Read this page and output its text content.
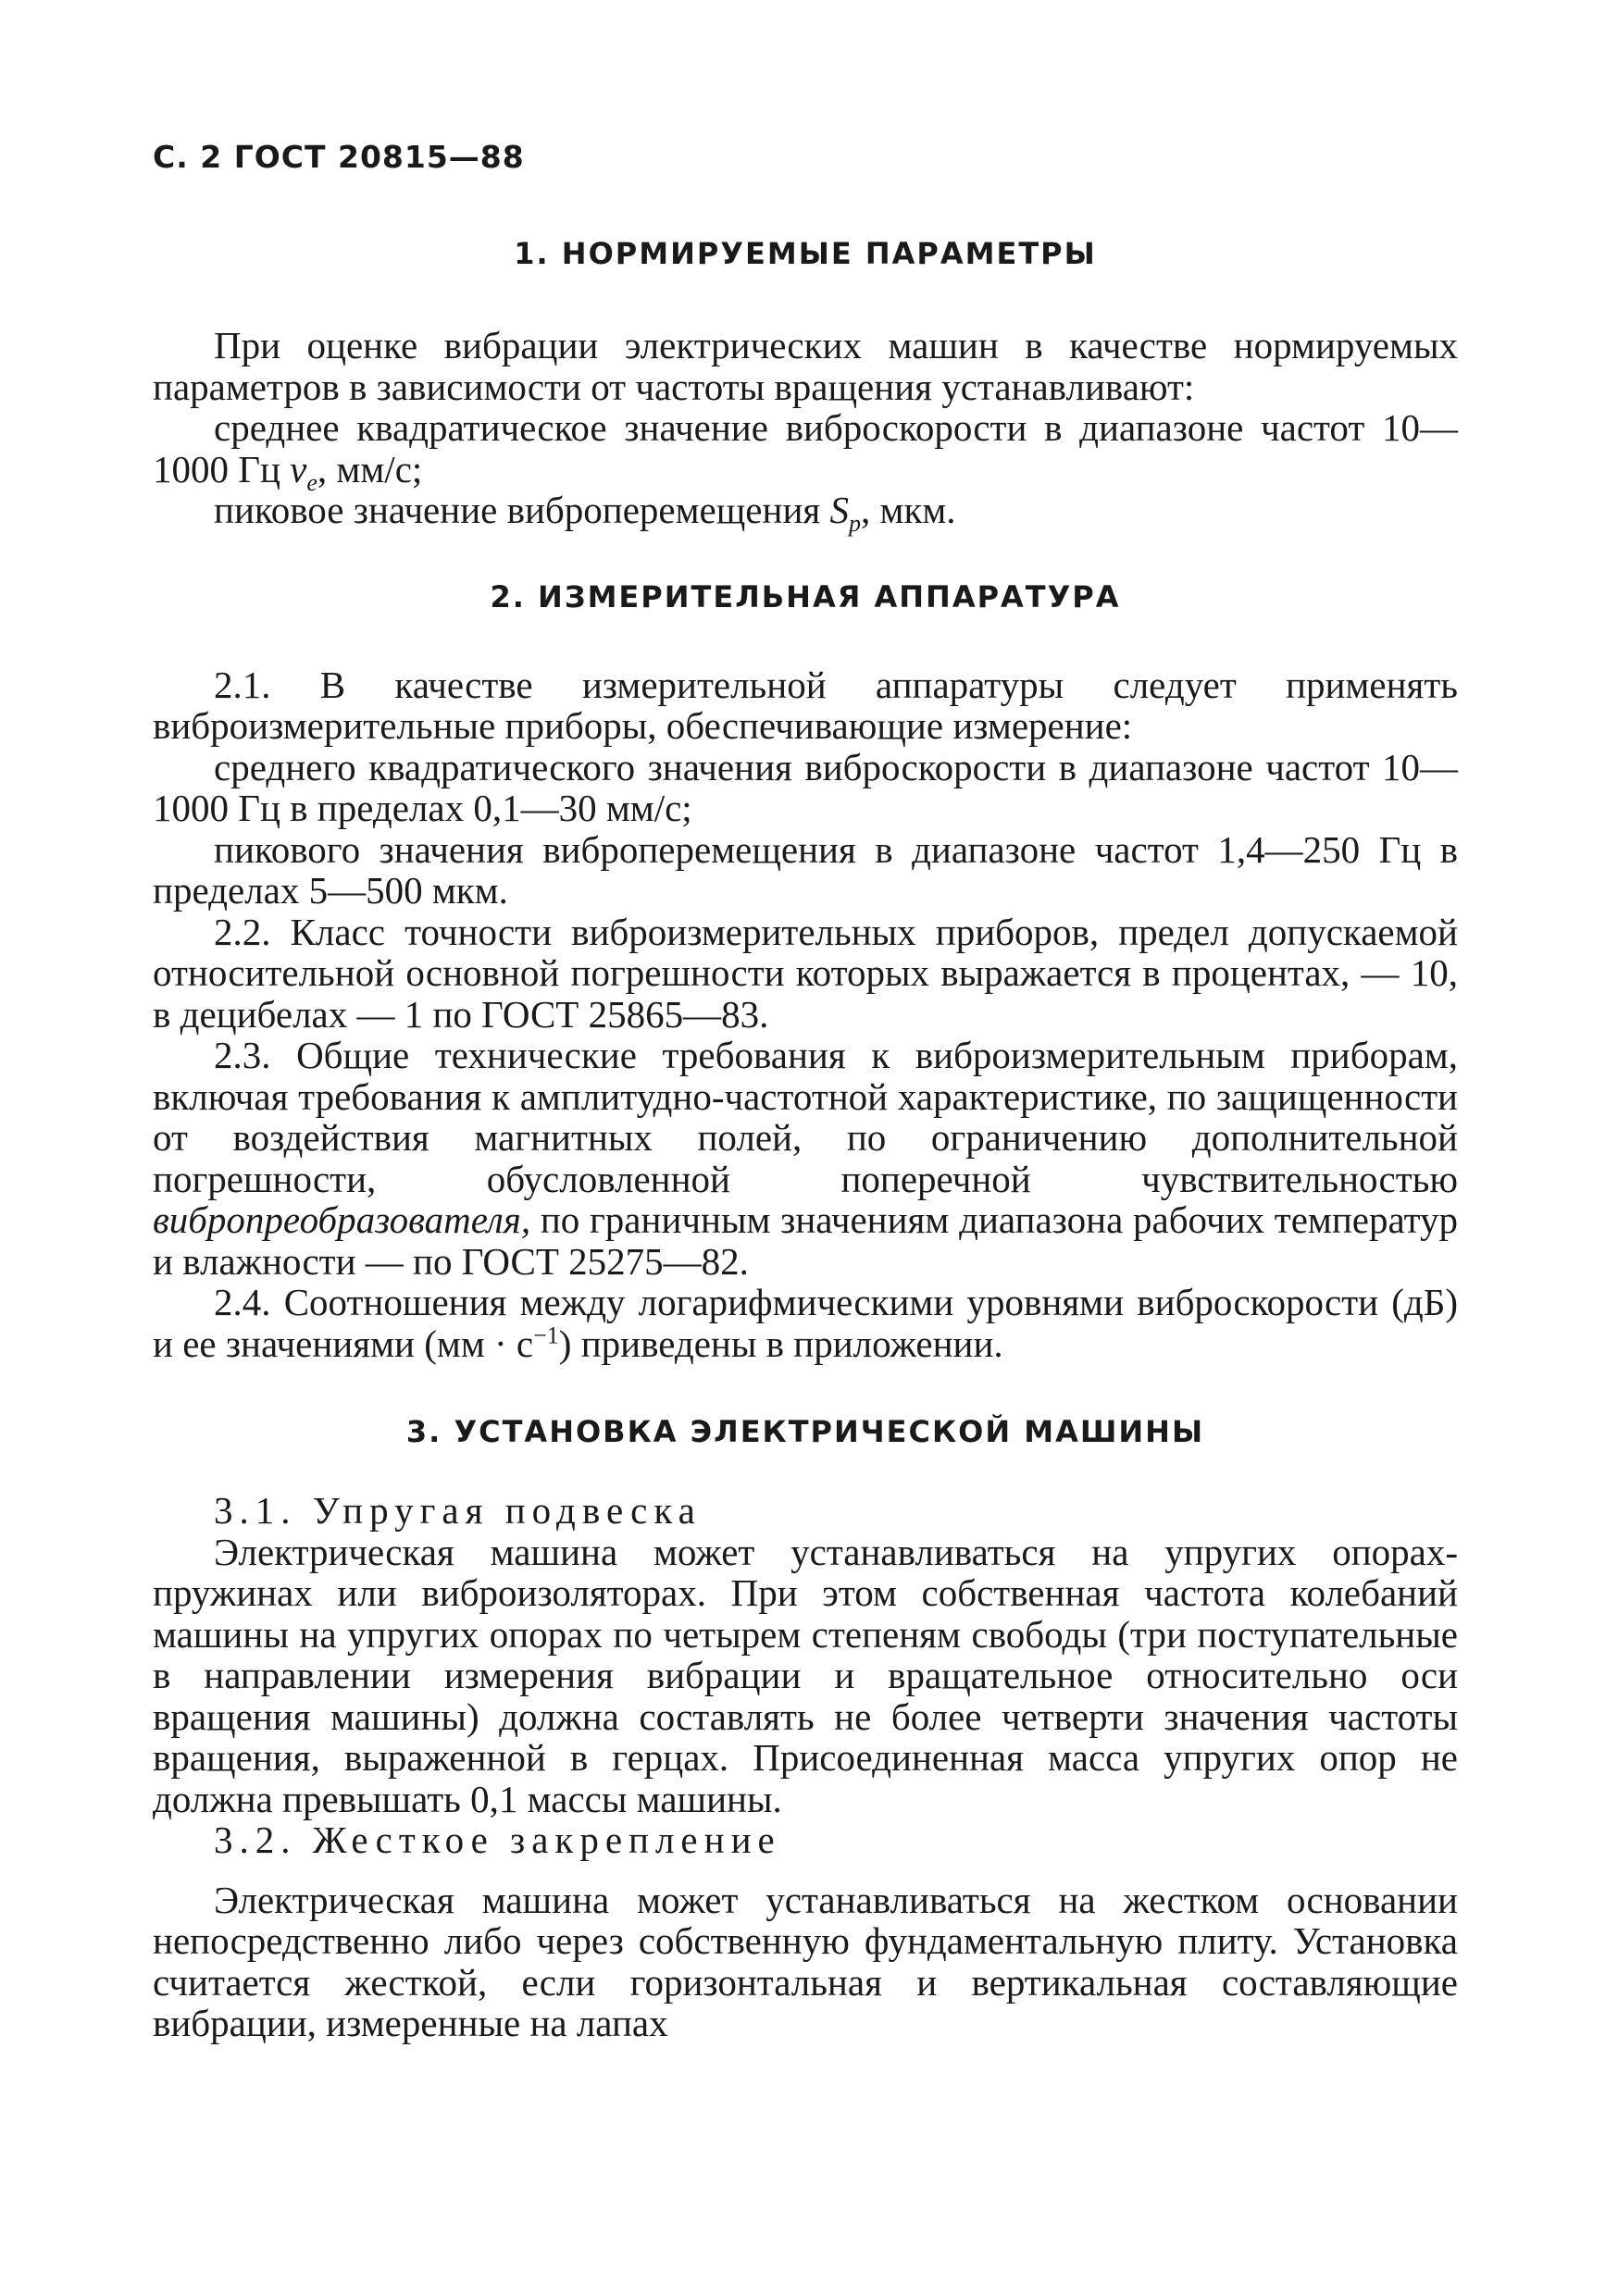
С. 2 ГОСТ 20815—88
1. НОРМИРУЕМЫЕ ПАРАМЕТРЫ

При оценке вибрации электрических машин в качестве нормируемых параметров в зависимости от частоты вращения устанавливают:

среднее квадратическое значение виброскорости в диапазоне частот 10—1000 Гц $v_e$, мм/с;

пиковое значение виброперемещения $S_p$, мкм.

2. ИЗМЕРИТЕЛЬНАЯ АППАРАТУРА

2.1. В качестве измерительной аппаратуры следует применять виброизмерительные приборы, обеспечивающие измерение:

среднего квадратического значения виброскорости в диапазоне частот 10—1000 Гц в пределах 0,1—30 мм/с;

пикового значения виброперемещения в диапазоне частот 1,4—250 Гц в пределах 5—500 мкм.

2.2. Класс точности виброизмерительных приборов, предел допускаемой относительной основной погрешности которых выражается в процентах, — 10, в децибелах — 1 по ГОСТ 25865—83.

2.3. Общие технические требования к виброизмерительным приборам, включая требования к амплитудно-частотной характеристике, по защищенности от воздействия магнитных полей, по ограничению дополнительной погрешности, обусловленной поперечной чувствительностью вибропреобразователя, по граничным значениям диапазона рабочих температур и влажности — по ГОСТ 25275—82.

2.4. Соотношения между логарифмическими уровнями виброскорости (дБ) и ее значениями $(мм \cdot с^{-1})$ приведены в приложении.

3. УСТАНОВКА ЭЛЕКТРИЧЕСКОЙ МАШИНЫ

3.1. Упругая подвеска

Электрическая машина может устанавливаться на упругих опорах-пружинах или виброизоляторах. При этом собственная частота колебаний машины на упругих опорах по четырем степеням свободы (три поступательные в направлении измерения вибрации и вращательное относительно оси вращения машины) должна составлять не более четверти значения частоты вращения, выраженной в герцах. Присоединенная масса упругих опор не должна превышать 0,1 массы машины.

3.2. Жесткое закрепление

Электрическая машина может устанавливаться на жестком основании непосредственно либо через собственную фундаментальную плиту. Установка считается жесткой, если горизонтальная и вертикальная составляющие вибрации, измеренные на лапах
